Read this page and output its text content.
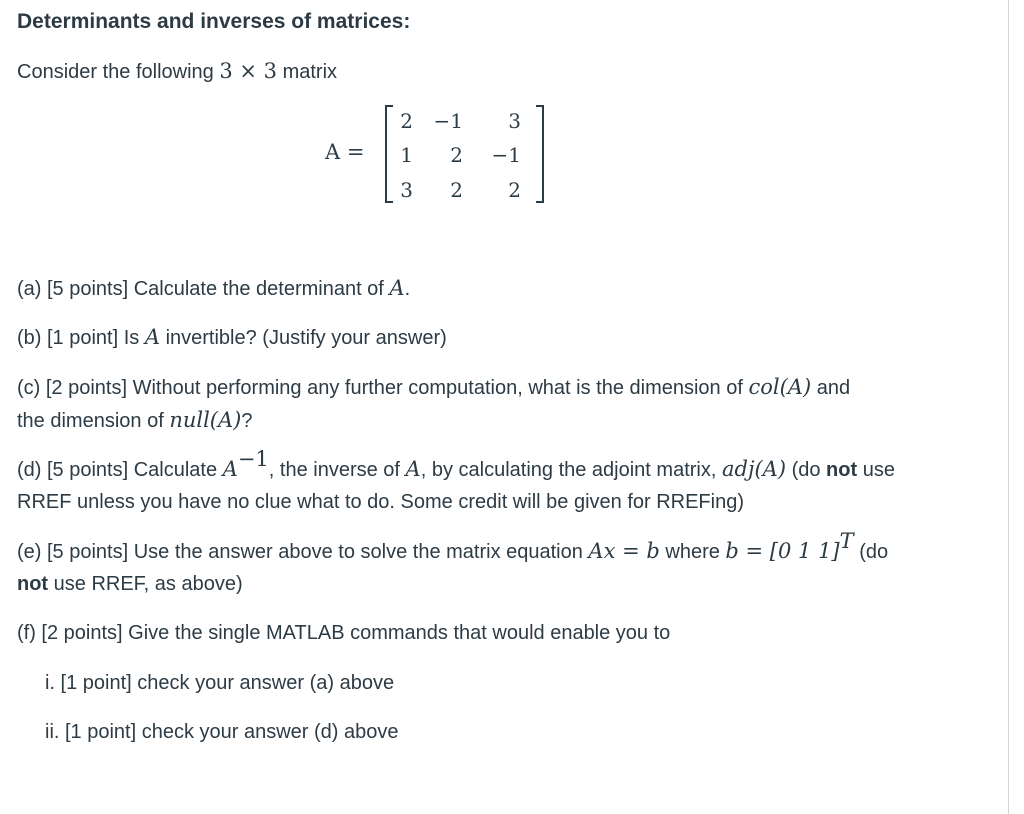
Determinants and inverses of matrices:
Consider the following 3 × 3 matrix
A =
2	−1	3
1	2	−1
3	2	2
(a) [5 points] Calculate the determinant of A.
(b) [1 point] Is A invertible? (Justify your answer)
(c) [2 points] Without performing any further computation, what is the dimension of col(A) and
the dimension of null(A)?
(d) [5 points] Calculate $A^{-1}$, the inverse of A, by calculating the adjoint matrix, adj(A) (do not use
RREF unless you have no clue what to do. Some credit will be given for RREFing)
(e) [5 points] Use the answer above to solve the matrix equation Ax = b where b = [0 1 1]$^T$ (do
not use RREF, as above)
(f) [2 points] Give the single MATLAB commands that would enable you to
i. [1 point] check your answer (a) above
ii. [1 point] check your answer (d) above
